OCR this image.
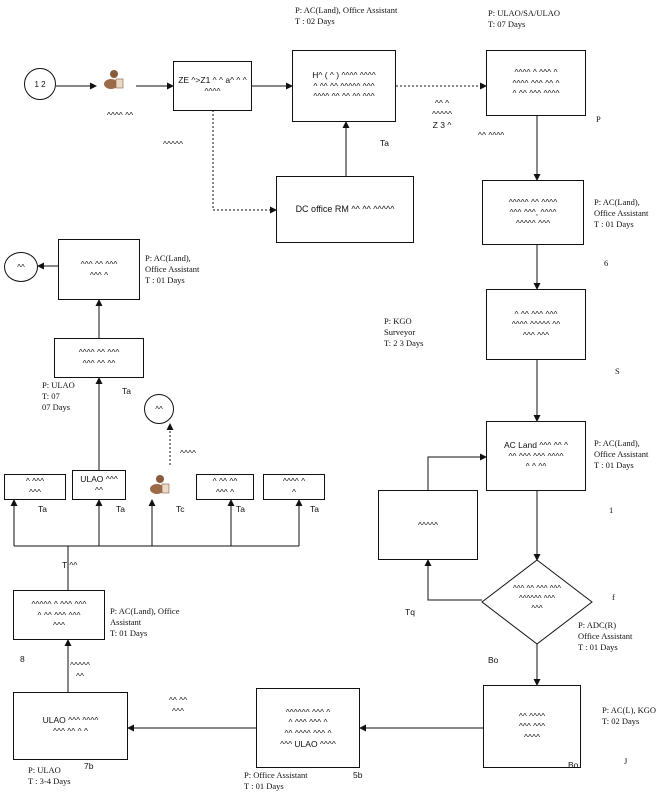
1 2
^^^^ ^^
ZE ^>Z1 ^ ^ a^ ^ ^
^^^^
^^^^^
H^ ( ^ ) ^^^^ ^^^^
^ ^^ ^^ ^^^^^ ^^^
^^^^ ^^ ^^ ^^ ^^^
P: AC(Land), Office Assistant
T : 02 Days
^^ ^
^^^^^
Z 3 ^
Ta
^^^^ ^ ^^^ ^
^^^^ ^^^ ^^ ^
^ ^^ ^^^ ^^^^
P: ULAO/SA/ULAO
T: 07 Days
^^ ^^^^
P
DC office RM ^^ ^^ ^^^^^
^^^^^ ^^ ^^^^
^^^ ^^^, ^^^^
^^^^^ ^^^
P: AC(Land),
Office Assistant
T : 01 Days
6
^ ^^ ^^^ ^^^
^^^^ ^^^^^ ^^
^^^ ^^^
P: KGO
Surveyor
T: 2 3 Days
S
AC Land ^^^ ^^ ^
^^ ^^^ ^^^ ^^^^
^ ^ ^^
P: AC(Land),
Office Assistant
T : 01 Days
1
^^^^^
^^^ ^^ ^^^ ^^^
^^^^^^ ^^^
^^^
f
Tq
Bo
P: ADC(R)
Office Assistant
T : 01 Days
^^ ^^^^
^^^ ^^^
^^^^
P: AC(L), KGO
T: 02 Days
J
Bo
^^^^^^ ^^^ ^
^ ^^^ ^^^ ^
^^ ^^^^ ^^^ ^
^^^ ULAO ^^^^
P: Office Assistant
T : 01 Days
5b
^^ ^^
^^^
ULAO ^^^ ^^^^
^^^ ^^ ^ ^
P: ULAO
T : 3-4 Days
7b
^^^^^
^^
^^^^^ ^ ^^^ ^^^
^ ^^ ^^^ ^^^
^^^
P: AC(Land), Office
Assistant
T: 01 Days
8
T ^^
^ ^^^
^^^
Ta
ULAO ^^^
^^
Ta	Tc
^ ^^ ^^
^^^ ^
Ta
^^^^ ^
^
Ta
^^
^^^^
^^^^ ^^ ^^^
^^^ ^^ ^^
P: ULAO
T: 07
07 Days
Ta
^^^ ^^ ^^^
^^^ ^
P: AC(Land),
Office Assistant
T : 01 Days
^^
